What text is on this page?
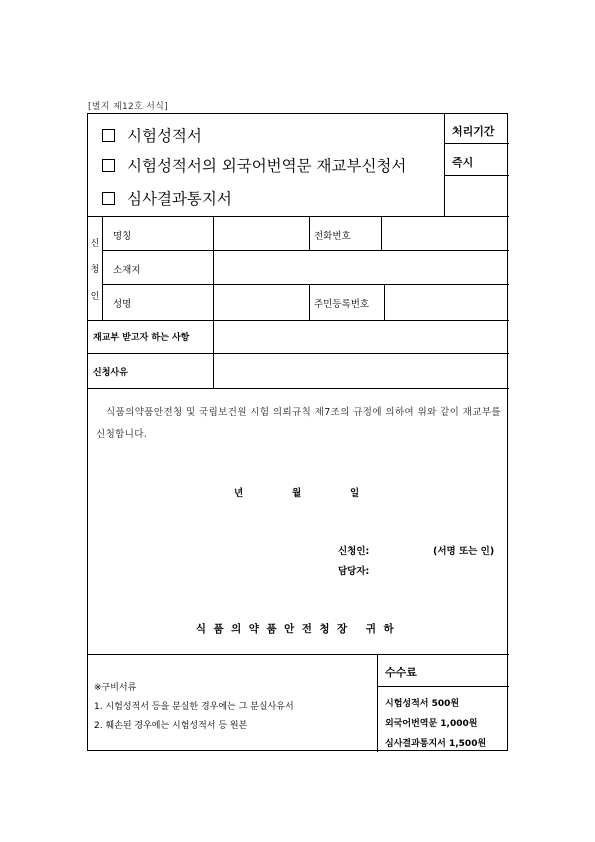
[별지 제12호 서식]
시험성적서
시험성적서의 외국어번역문 재교부신청서
심사결과통지서
처리기간
즉시
신
청
인
명칭	전화번호
소재지
성명	주민등록번호
재교부 받고자 하는 사항
신청사유
식품의약품안전청 및 국립보건원 시험 의뢰규칙 제7조의 규정에 의하여 위와 같이 재교부를 신청합니다.
년	월	일
신청인:	(서명 또는 인)
담당자:
식품의약품안전청장 귀하
※구비서류
1. 시험성적서 등을 분실한 경우에는 그 분실사유서
2. 훼손된 경우에는 시험성적서 등 원본
수수료
시험성적서 500원
외국어번역문 1,000원
심사결과통지서 1,500원
